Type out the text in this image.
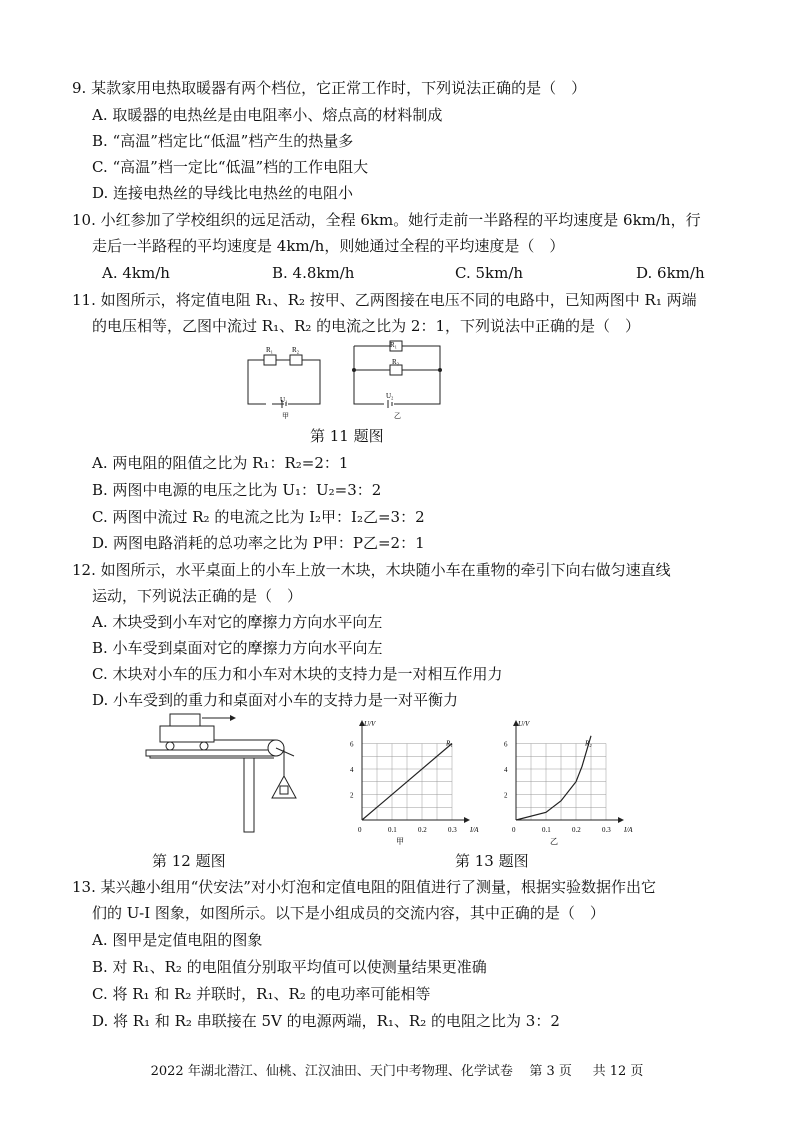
9. 某款家用电热取暖器有两个档位，它正常工作时，下列说法正确的是（　）
A. 取暖器的电热丝是由电阻率小、熔点高的材料制成
B. “高温”档定比“低温”档产生的热量多
C. “高温”档一定比“低温”档的工作电阻大
D. 连接电热丝的导线比电热丝的电阻小
10. 小红参加了学校组织的远足活动，全程 6km。她行走前一半路程的平均速度是 6km/h，行
走后一半路程的平均速度是 4km/h，则她通过全程的平均速度是（　）
A. 4km/h	B. 4.8km/h	C. 5km/h	D. 6km/h
11. 如图所示，将定值电阻 R₁、R₂ 按甲、乙两图接在电压不同的电路中，已知两图中 R₁ 两端
的电压相等，乙图中流过 R₁、R₂ 的电流之比为 2：1，下列说法中正确的是（　）
R₁	R₂
U₁
甲
R₁
R₂
U₂
乙
第 11 题图
A. 两电阻的阻值之比为 R₁：R₂=2：1
B. 两图中电源的电压之比为 U₁：U₂=3：2
C. 两图中流过 R₂ 的电流之比为 I₂甲：I₂乙=3：2
D. 两图电路消耗的总功率之比为 P甲：P乙=2：1
12. 如图所示，水平桌面上的小车上放一木块，木块随小车在重物的牵引下向右做匀速直线
运动，下列说法正确的是（　）
A. 木块受到小车对它的摩擦力方向水平向左
B. 小车受到桌面对它的摩擦力方向水平向左
C. 木块对小车的压力和小车对木块的支持力是一对相互作用力
D. 小车受到的重力和桌面对小车的支持力是一对平衡力
第 12 题图
0	0.1	0.2	0.3
2
4
6
I/A
U/V
R₁
甲
0	0.1	0.2	0.3
2
4
6
I/A
U/V
R₂
乙
第 13 题图
13. 某兴趣小组用“伏安法”对小灯泡和定值电阻的阻值进行了测量，根据实验数据作出它
们的 U-I 图象，如图所示。以下是小组成员的交流内容，其中正确的是（　）
A. 图甲是定值电阻的图象
B. 对 R₁、R₂ 的电阻值分别取平均值可以使测量结果更准确
C. 将 R₁ 和 R₂ 并联时，R₁、R₂ 的电功率可能相等
D. 将 R₁ 和 R₂ 串联接在 5V 的电源两端，R₁、R₂ 的电阻之比为 3：2
2022 年湖北潜江、仙桃、江汉油田、天门中考物理、化学试卷 第 3 页 共 12 页
